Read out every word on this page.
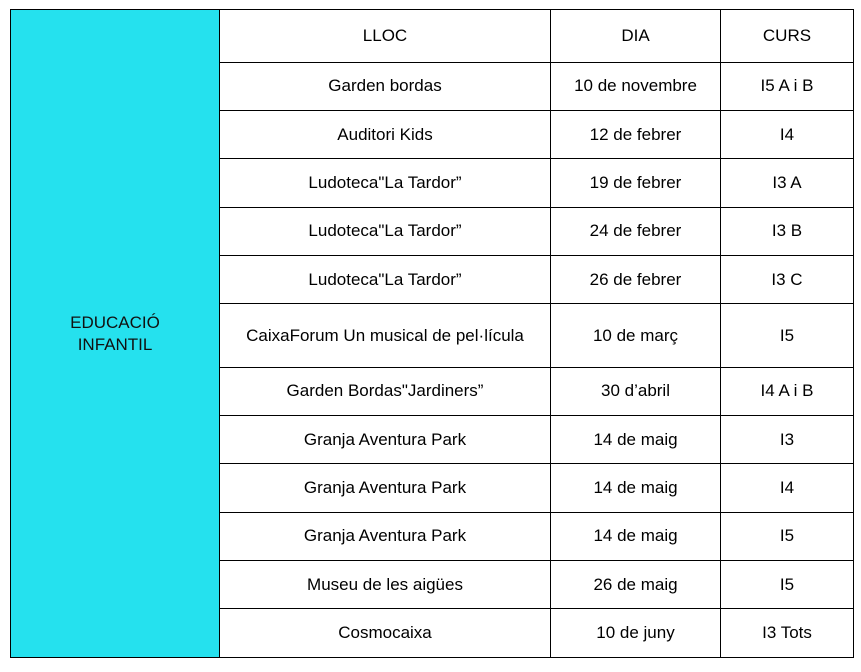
EDUCACIÓ
INFANTIL	LLOC	DIA	CURS
	Garden bordas	10 de novembre	I5 A i B
	Auditori Kids	12 de febrer	I4
	Ludoteca"La Tardor”	19 de febrer	I3 A
	Ludoteca"La Tardor”	24 de febrer	I3 B
	Ludoteca"La Tardor”	26 de febrer	I3 C
	CaixaForum Un musical de pel·lícula	10 de març	I5
	Garden Bordas"Jardiners”	30 d’abril	I4 A i B
	Granja Aventura Park	14 de maig	I3
	Granja Aventura Park	14 de maig	I4
	Granja Aventura Park	14 de maig	I5
	Museu de les aigües	26 de maig	I5
	Cosmocaixa	10 de juny	I3 Tots
